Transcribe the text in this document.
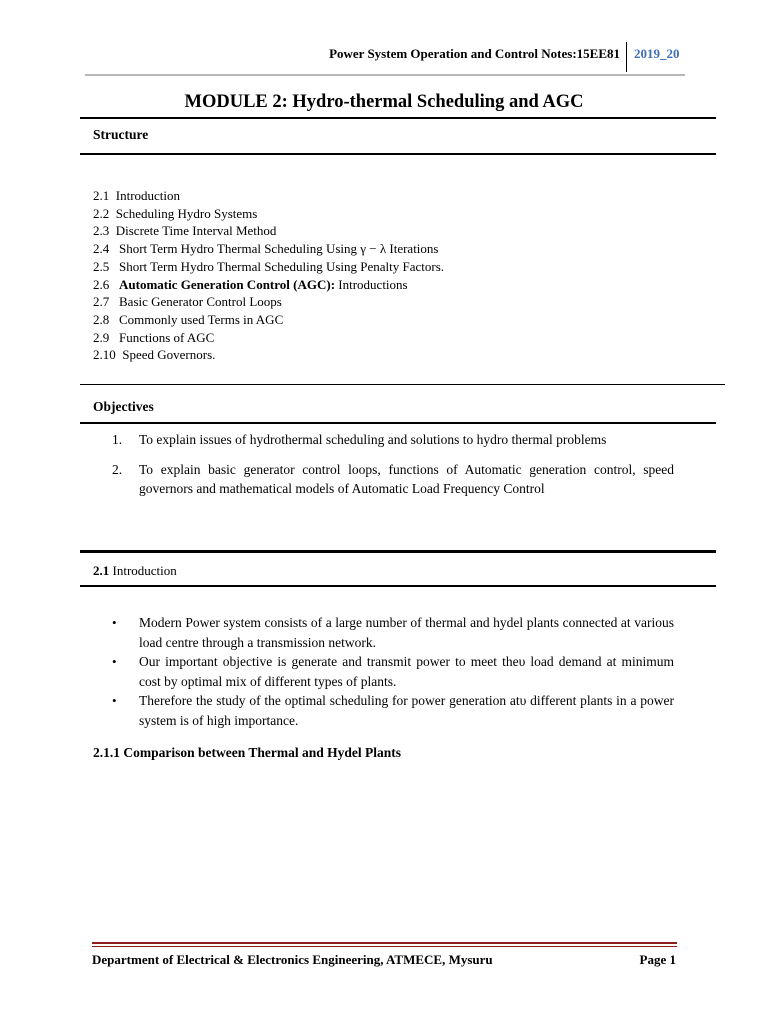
Power System Operation and Control Notes:15EE81 2019_20
MODULE 2: Hydro-thermal Scheduling and AGC
Structure
2.1 Introduction
2.2 Scheduling Hydro Systems
2.3 Discrete Time Interval Method
2.4 Short Term Hydro Thermal Scheduling Using γ − λ Iterations
2.5 Short Term Hydro Thermal Scheduling Using Penalty Factors.
2.6 Automatic Generation Control (AGC): Introductions
2.7 Basic Generator Control Loops
2.8 Commonly used Terms in AGC
2.9 Functions of AGC
2.10 Speed Governors.
Objectives
1.	To explain issues of hydrothermal scheduling and solutions to hydro thermal problems
2.	To explain basic generator control loops, functions of Automatic generation control, speed governors and mathematical models of Automatic Load Frequency Control
2.1 Introduction
•	Modern Power system consists of a large number of thermal and hydel plants connected at various load centre through a transmission network.
•	Our important objective is generate and transmit power to meet theυ load demand at minimum cost by optimal mix of different types of plants.
•	Therefore the study of the optimal scheduling for power generation atυ different plants in a power system is of high importance.
2.1.1 Comparison between Thermal and Hydel Plants
Department of Electrical & Electronics Engineering, ATMECE, Mysuru	Page 1
